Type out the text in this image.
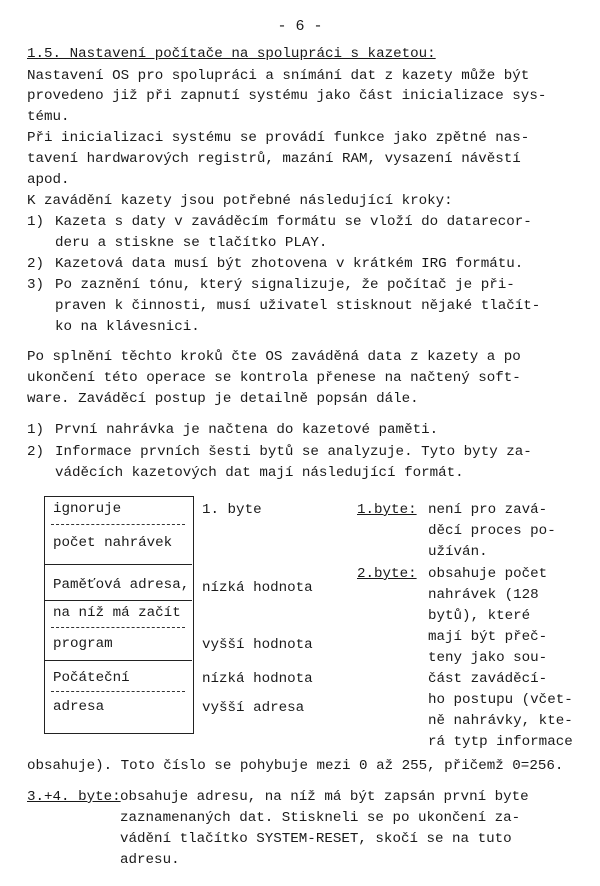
- 6 -
1.5. Nastavení počítače na spolupráci s kazetou:
Nastavení OS pro spolupráci a snímání dat z kazety může být
provedeno již při zapnutí systému jako část inicializace sys-
tému.
Při inicializaci systému se provádí funkce jako zpětné nas-
tavení hardwarových registrů, mazání RAM, vysazení návěstí
apod.
K zavádění kazety jsou potřebné následující kroky:
1) Kazeta s daty v zaváděcím formátu se vloží do datarecor-
deru a stiskne se tlačítko PLAY.
2) Kazetová data musí být zhotovena v krátkém IRG formátu.
3) Po zaznění tónu, který signalizuje, že počítač je při-
praven k činnosti, musí uživatel stisknout nějaké tlačít-
ko na klávesnici.
Po splnění těchto kroků čte OS zaváděná data z kazety a po
ukončení této operace se kontrola přenese na načtený soft-
ware. Zaváděcí postup je detailně popsán dále.
1) První nahrávka je načtena do kazetové paměti.
2) Informace prvních šesti bytů se analyzuje. Tyto byty za-
váděcích kazetových dat mají následující formát.
ignoruje
počet nahrávek
Paměťová adresa,
na níž má začít
program
Počáteční
adresa
1. byte
nízká hodnota
vyšší hodnota
nízká hodnota
vyšší adresa
1.byte: není pro zavá-
děcí proces po-
užíván.
2.byte: obsahuje počet
nahrávek (128
bytů), které
mají být přeč-
teny jako sou-
část zaváděcí-
ho postupu (včet-
ně nahrávky, kte-
rá tytp informace
obsahuje). Toto číslo se pohybuje mezi 0 až 255, přičemž 0=256.
3.+4. byte: obsahuje adresu, na níž má být zapsán první byte
zaznamenaných dat. Stiskneli se po ukončení za-
vádění tlačítko SYSTEM-RESET, skočí se na tuto
adresu.
